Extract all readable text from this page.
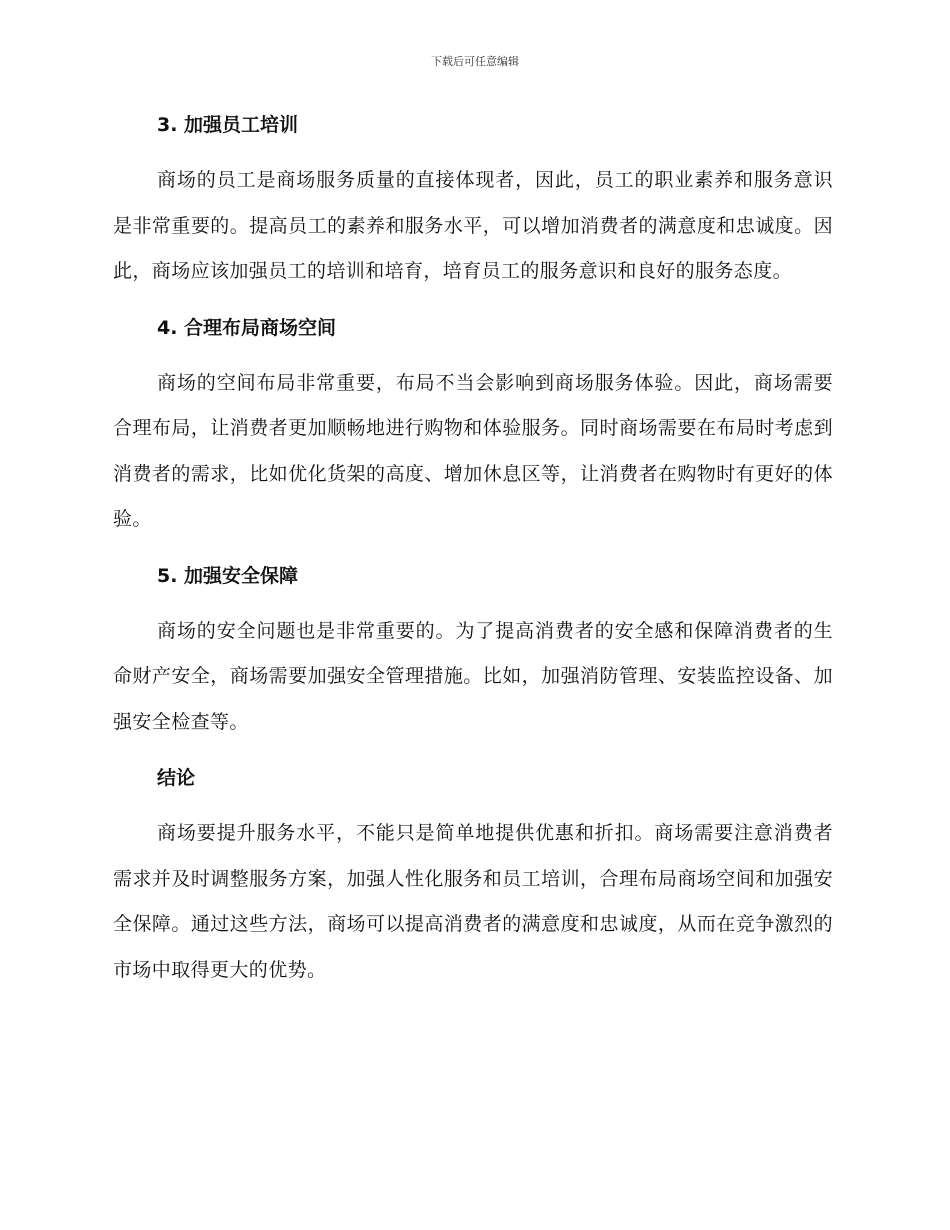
下载后可任意编辑
3. 加强员工培训

商场的员工是商场服务质量的直接体现者，因此，员工的职业素养和服务意识是非常重要的。提高员工的素养和服务水平，可以增加消费者的满意度和忠诚度。因此，商场应该加强员工的培训和培育，培育员工的服务意识和良好的服务态度。

4. 合理布局商场空间

商场的空间布局非常重要，布局不当会影响到商场服务体验。因此，商场需要合理布局，让消费者更加顺畅地进行购物和体验服务。同时商场需要在布局时考虑到消费者的需求，比如优化货架的高度、增加休息区等，让消费者在购物时有更好的体验。

5. 加强安全保障

商场的安全问题也是非常重要的。为了提高消费者的安全感和保障消费者的生命财产安全，商场需要加强安全管理措施。比如，加强消防管理、安装监控设备、加强安全检查等。

结论

商场要提升服务水平，不能只是简单地提供优惠和折扣。商场需要注意消费者需求并及时调整服务方案，加强人性化服务和员工培训，合理布局商场空间和加强安全保障。通过这些方法，商场可以提高消费者的满意度和忠诚度，从而在竞争激烈的市场中取得更大的优势。
